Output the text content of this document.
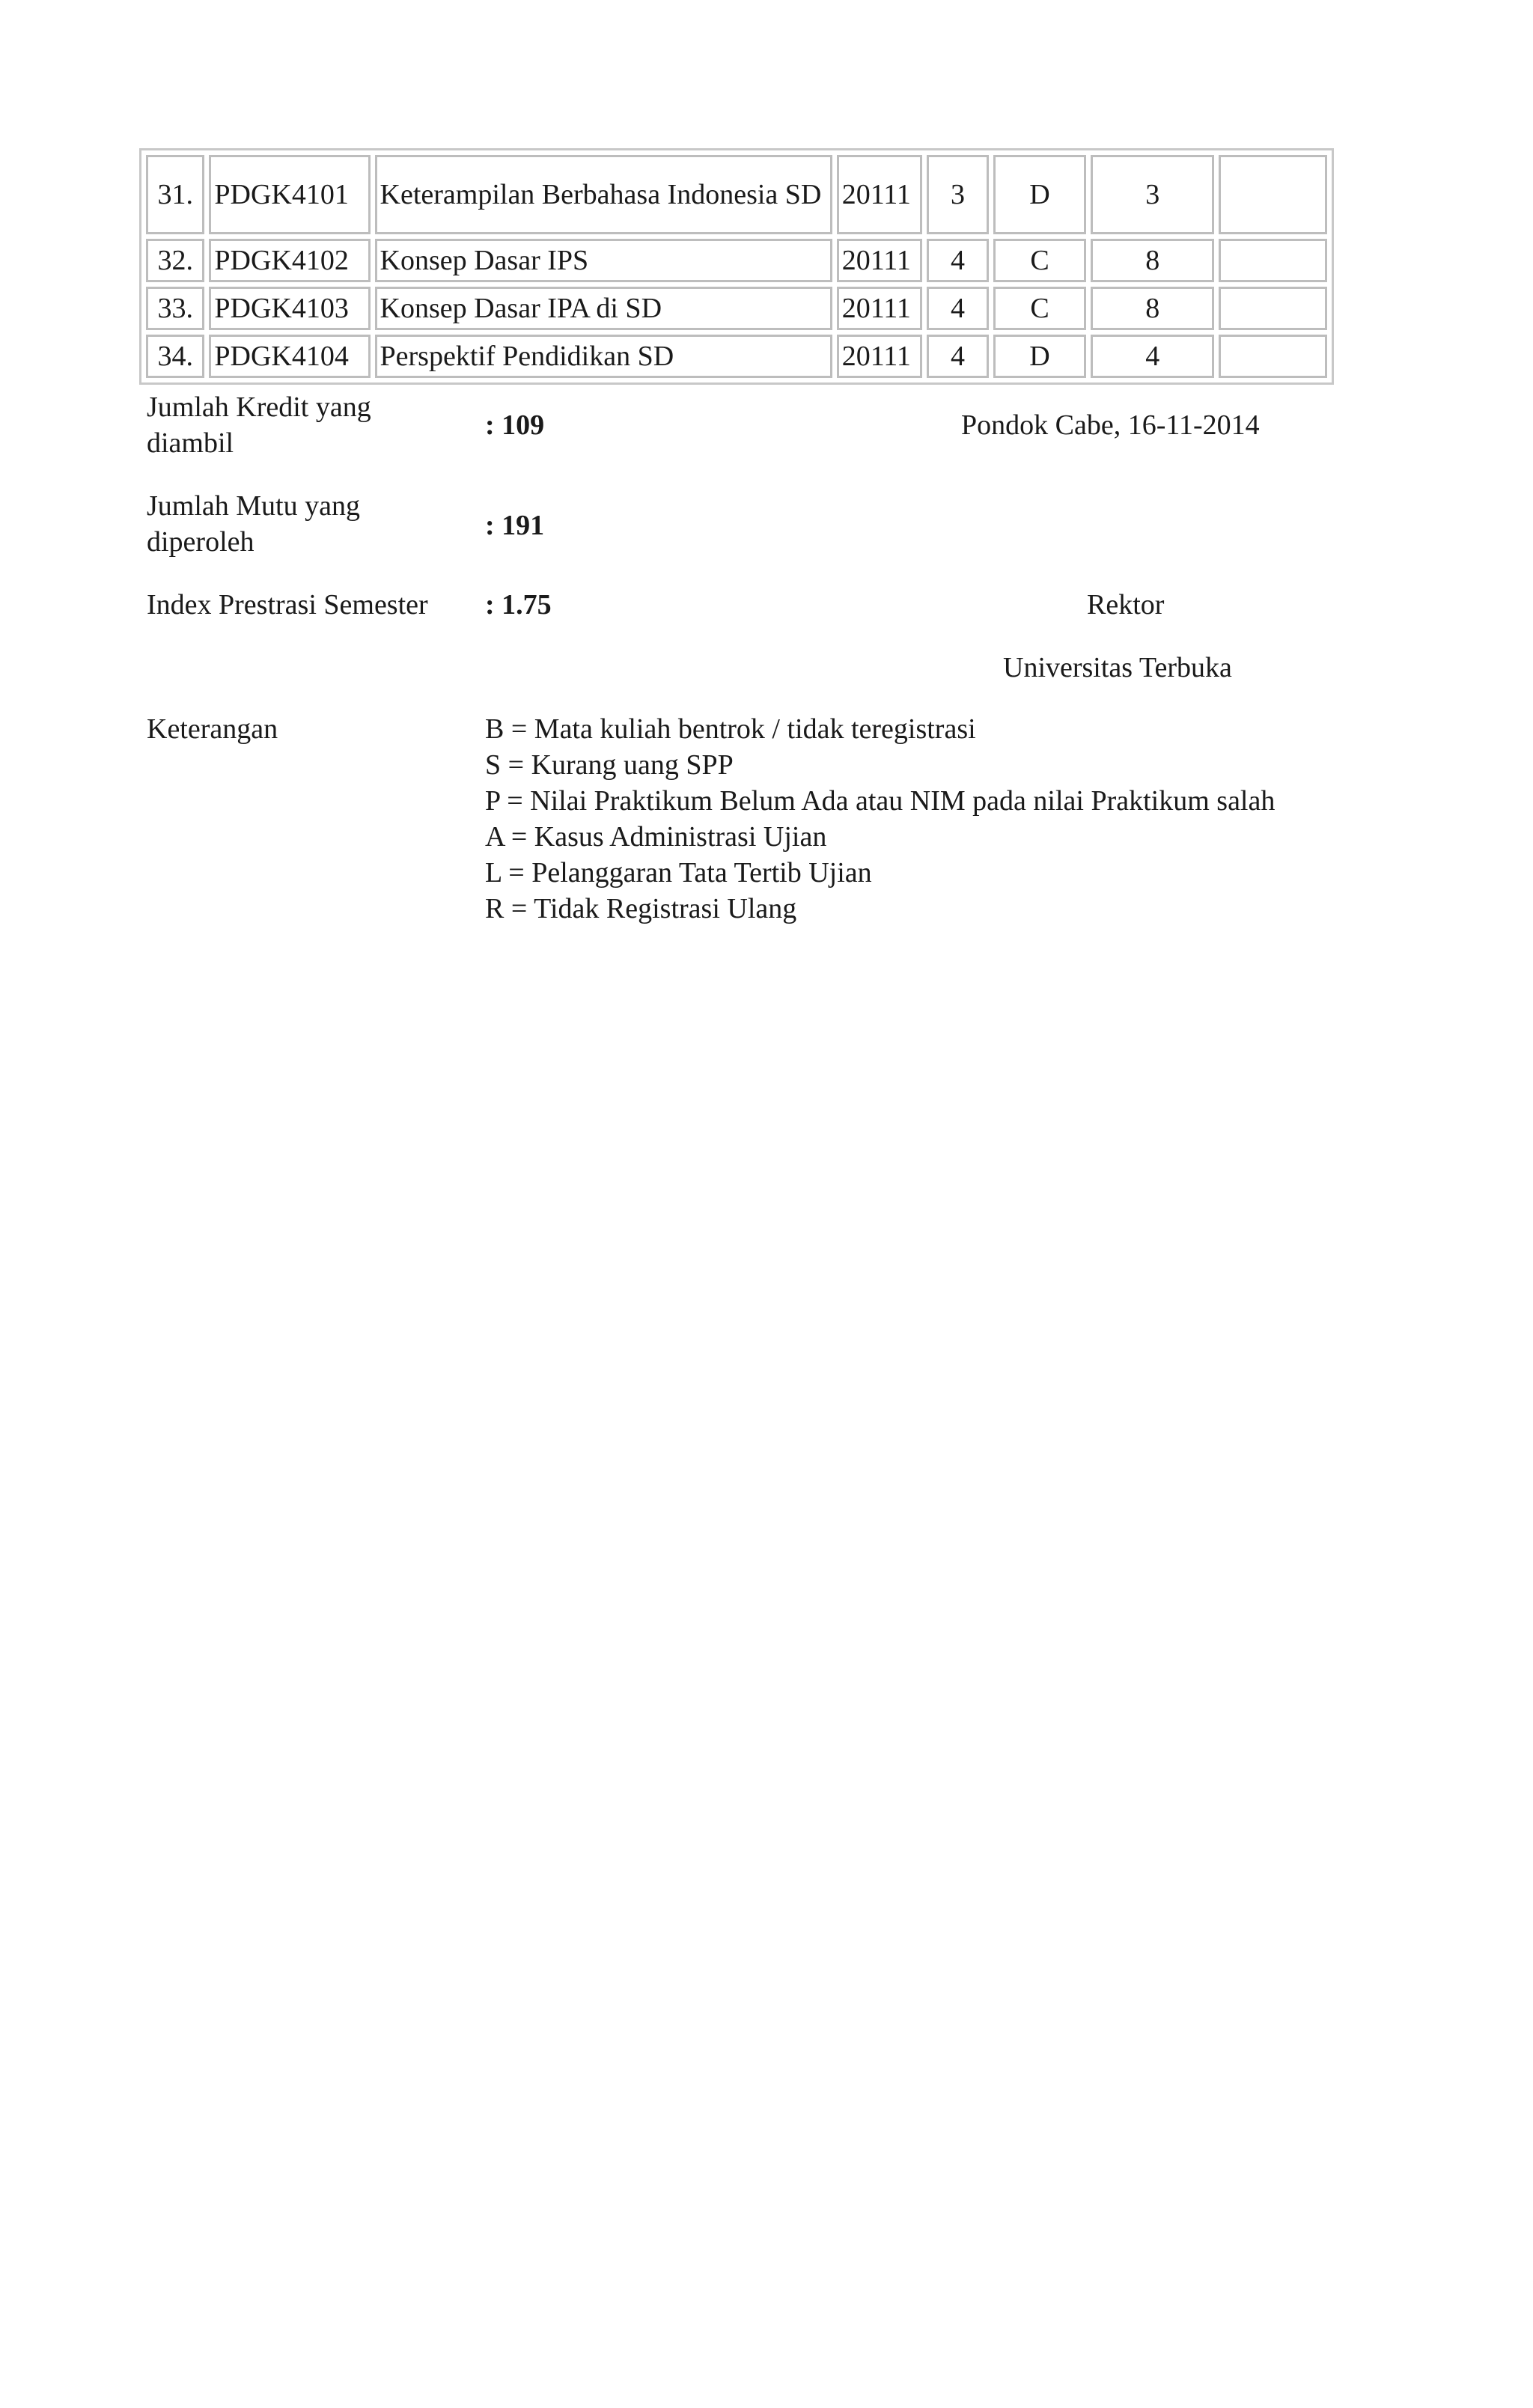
31.	PDGK4101	Keterampilan Berbahasa Indonesia SD	20111	3	D	3	
32.	PDGK4102	Konsep Dasar IPS	20111	4	C	8	
33.	PDGK4103	Konsep Dasar IPA di SD	20111	4	C	8	
34.	PDGK4104	Perspektif Pendidikan SD	20111	4	D	4	
Jumlah Kredit yang diambil
: 109
Jumlah Mutu yang diperoleh
: 191
Index Prestrasi Semester	: 1.75
Pondok Cabe, 16-11-2014
Rektor
Universitas Terbuka
Keterangan	B = Mata kuliah bentrok / tidak teregistrasi
S = Kurang uang SPP
P = Nilai Praktikum Belum Ada atau NIM pada nilai Praktikum salah
A = Kasus Administrasi Ujian
L = Pelanggaran Tata Tertib Ujian
R = Tidak Registrasi Ulang
